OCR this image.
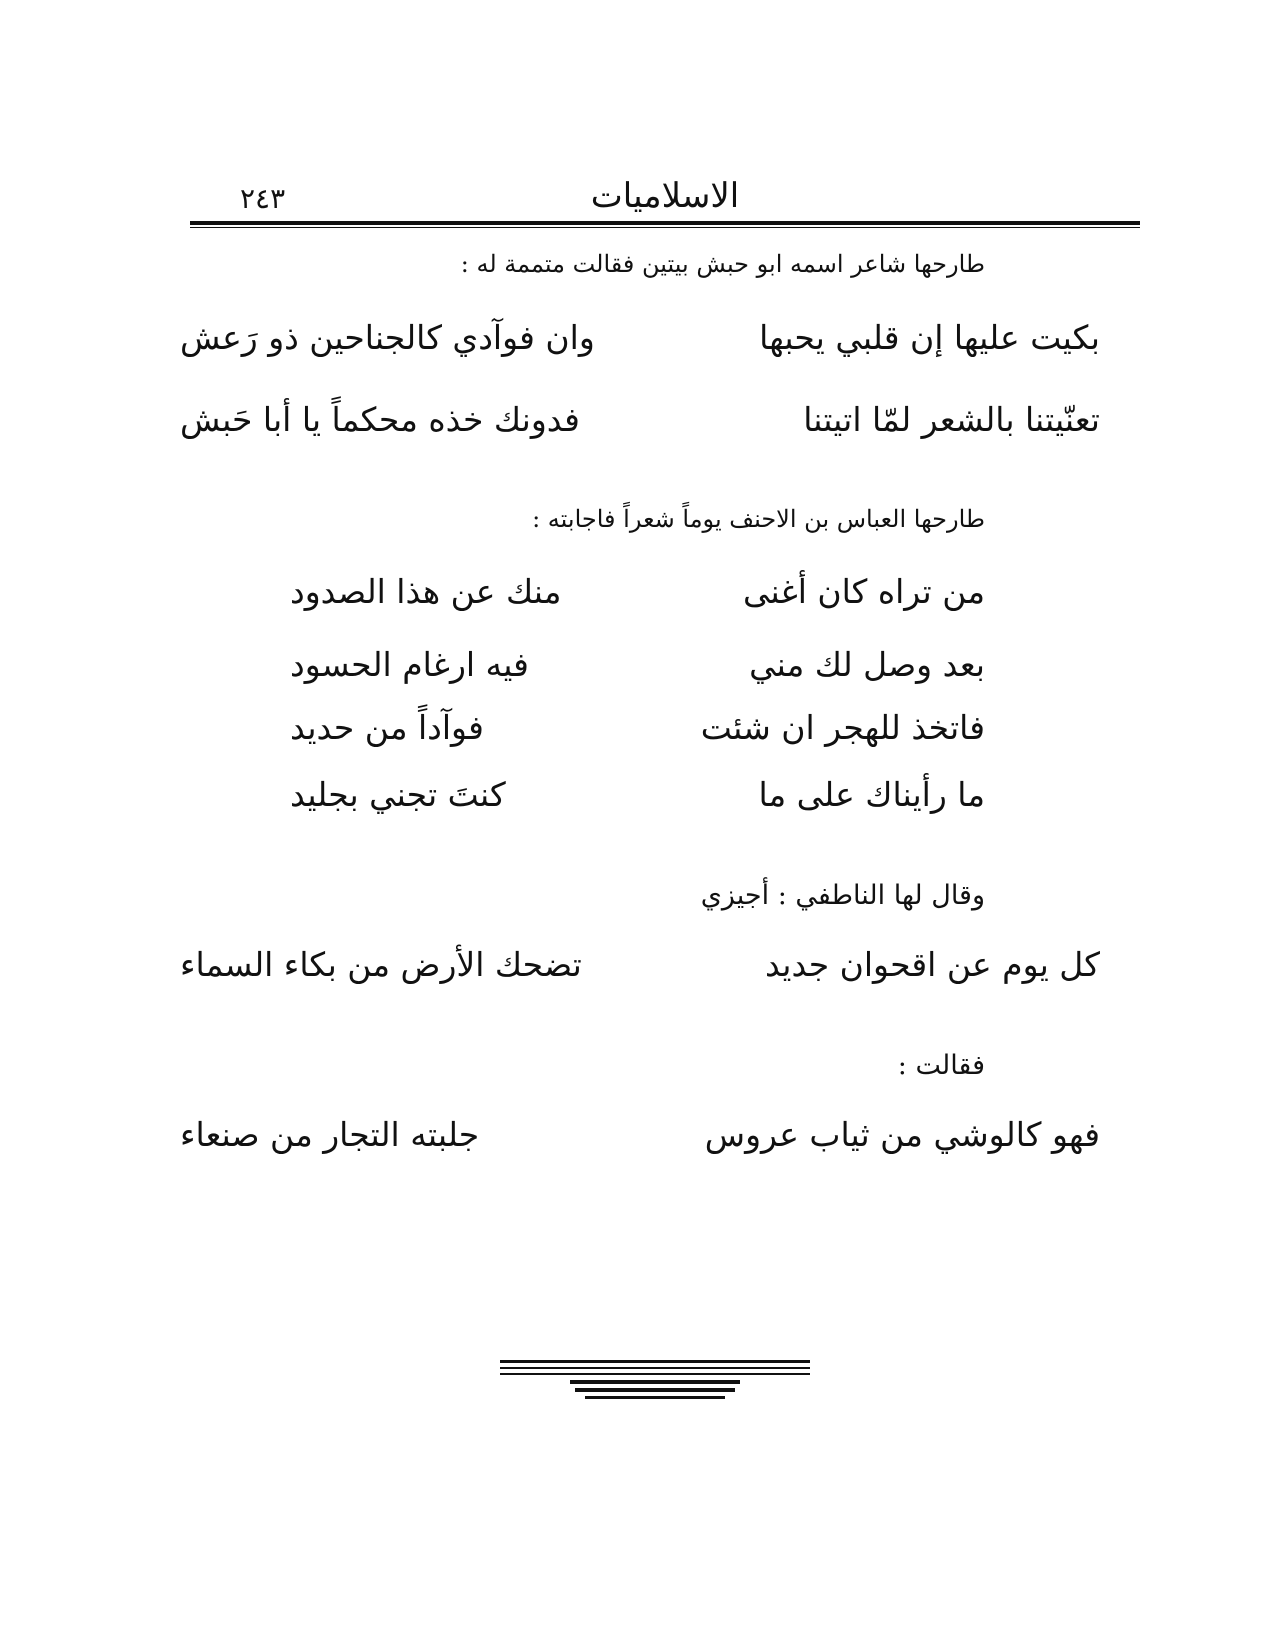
٢٤٣	الاسلاميات
طارحها شاعر اسمه ابو حبش بيتين فقالت متممة له :
بكيت عليها إن قلبي يحبها
وان فوآدي كالجناحين ذو رَعش
تعنّيتنا بالشعر لمّا اتيتنا
فدونك خذه محكماً يا أبا حَبش
طارحها العباس بن الاحنف يوماً شعراً فاجابته :
من تراه كان أغنى
منك عن هذا الصدود
بعد وصل لك مني
فيه ارغام الحسود
فاتخذ للهجر ان شئت
فوآداً من حديد
ما رأيناك على ما
كنتَ تجني بجليد
وقال لها الناطفي : أجيزي
كل يوم عن اقحوان جديد
تضحك الأرض من بكاء السماء
فقالت :
فهو كالوشي من ثياب عروس
جلبته التجار من صنعاء
